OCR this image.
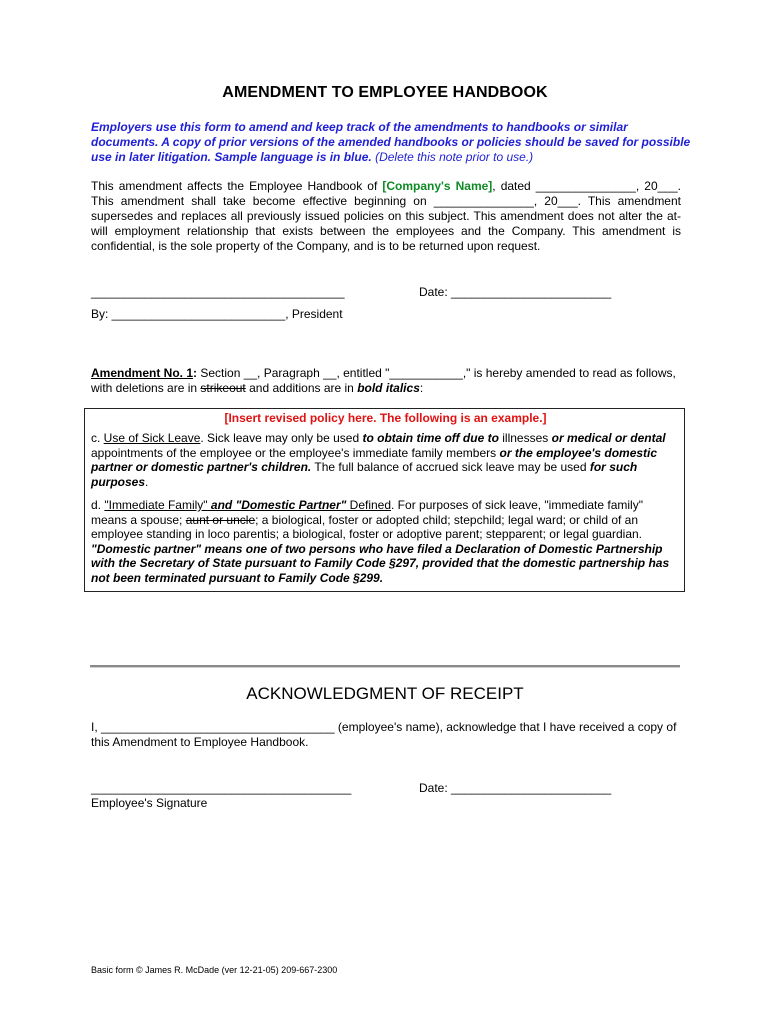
AMENDMENT TO EMPLOYEE HANDBOOK
Employers use this form to amend and keep track of the amendments to handbooks or similar documents. A copy of prior versions of the amended handbooks or policies should be saved for possible use in later litigation. Sample language is in blue. (Delete this note prior to use.)
This amendment affects the Employee Handbook of [Company's Name], dated _______________, 20___. This amendment shall take become effective beginning on _______________, 20___. This amendment supersedes and replaces all previously issued policies on this subject. This amendment does not alter the at-will employment relationship that exists between the employees and the Company. This amendment is confidential, is the sole property of the Company, and is to be returned upon request.
______________________________________	Date: ________________________
By: __________________________, President
Amendment No. 1: Section __, Paragraph __, entitled "___________," is hereby amended to read as follows, with deletions are in strikeout and additions are in bold italics:
[Insert revised policy here. The following is an example.]
c. Use of Sick Leave. Sick leave may only be used to obtain time off due to illnesses or medical or dental appointments of the employee or the employee's immediate family members or the employee's domestic partner or domestic partner's children. The full balance of accrued sick leave may be used for such purposes.
d. "Immediate Family" and "Domestic Partner" Defined. For purposes of sick leave, "immediate family" means a spouse; aunt or uncle; a biological, foster or adopted child; stepchild; legal ward; or child of an employee standing in loco parentis; a biological, foster or adoptive parent; stepparent; or legal guardian. "Domestic partner" means one of two persons who have filed a Declaration of Domestic Partnership with the Secretary of State pursuant to Family Code §297, provided that the domestic partnership has not been terminated pursuant to Family Code §299.
ACKNOWLEDGMENT OF RECEIPT
I, ___________________________________ (employee's name), acknowledge that I have received a copy of this Amendment to Employee Handbook.
_______________________________________	Date: ________________________
Employee's Signature
Basic form © James R. McDade (ver 12-21-05) 209-667-2300
